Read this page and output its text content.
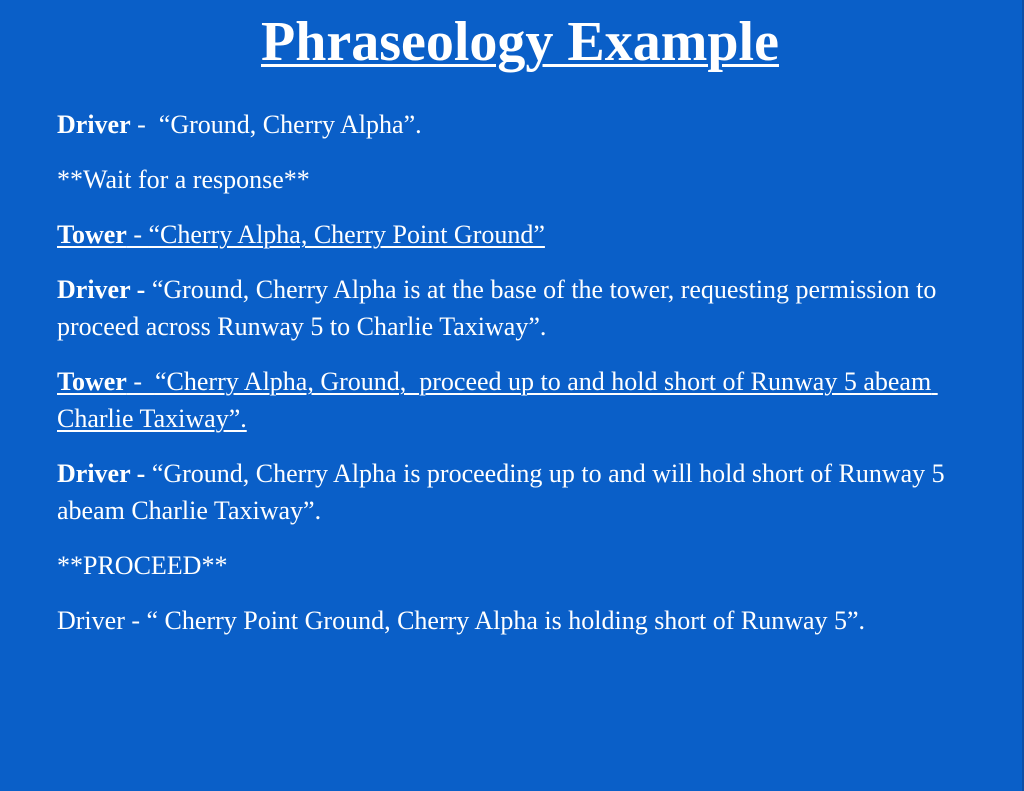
Phraseology Example

Driver -  “Ground, Cherry Alpha”.

**Wait for a response**

Tower - “Cherry Alpha, Cherry Point Ground”

Driver - “Ground, Cherry Alpha is at the base of the tower, requesting permission to proceed across Runway 5 to Charlie Taxiway”.

Tower -  “Cherry Alpha, Ground,  proceed up to and hold short of Runway 5 abeam Charlie Taxiway”.

Driver - “Ground, Cherry Alpha is proceeding up to and will hold short of Runway 5 abeam Charlie Taxiway”.

**PROCEED**

Driver - “ Cherry Point Ground, Cherry Alpha is holding short of Runway 5”.
